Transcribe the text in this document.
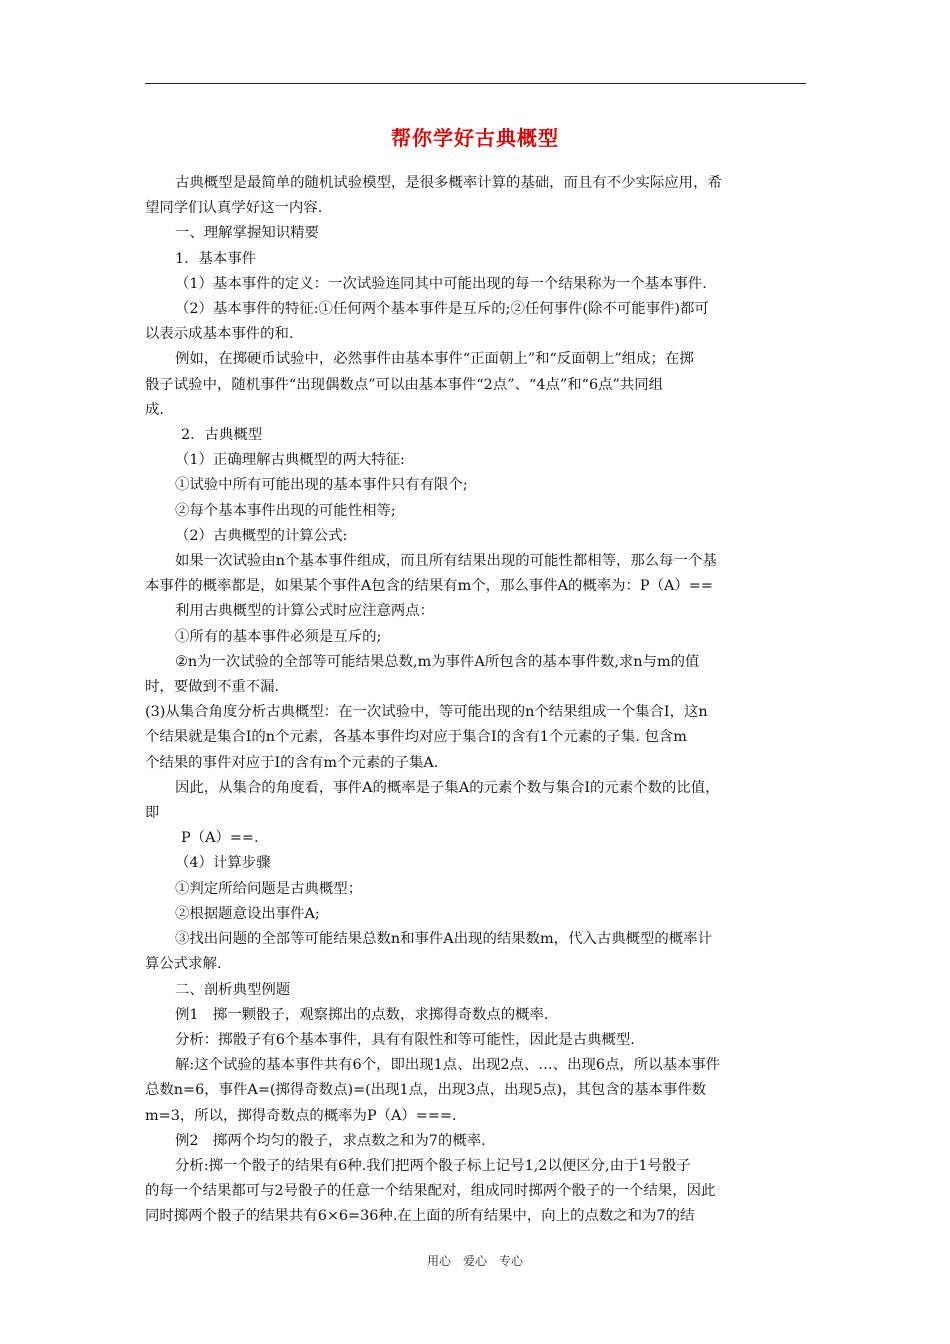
帮你学好古典概型

古典概型是最简单的随机试验模型，是很多概率计算的基础，而且有不少实际应用，希

望同学们认真学好这一内容.

一、理解掌握知识精要

1．基本事件

（1）基本事件的定义：一次试验连同其中可能出现的每一个结果称为一个基本事件.

（2）基本事件的特征:①任何两个基本事件是互斥的;②任何事件(除不可能事件)都可

以表示成基本事件的和.

例如，在掷硬币试验中，必然事件由基本事件“正面朝上”和“反面朝上”组成；在掷

骰子试验中，随机事件“出现偶数点”可以由基本事件“2点”、“4点”和“6点”共同组

成.

2．古典概型

（1）正确理解古典概型的两大特征:

①试验中所有可能出现的基本事件只有有限个;

②每个基本事件出现的可能性相等;

（2）古典概型的计算公式:

如果一次试验由n个基本事件组成，而且所有结果出现的可能性都相等，那么每一个基

本事件的概率都是，如果某个事件A包含的结果有m个，那么事件A的概率为：P（A）==

利用古典概型的计算公式时应注意两点：

①所有的基本事件必须是互斥的;

②n为一次试验的全部等可能结果总数,m为事件A所包含的基本事件数,求n与m的值

时，要做到不重不漏.

(3)从集合角度分析古典概型：在一次试验中，等可能出现的n个结果组成一个集合Ⅰ，这n

个结果就是集合Ⅰ的n个元素，各基本事件均对应于集合Ⅰ的含有1个元素的子集. 包含m

个结果的事件对应于Ⅰ的含有m个元素的子集A.

因此，从集合的角度看，事件A的概率是子集A的元素个数与集合Ⅰ的元素个数的比值，

即

P（A）==.

（4）计算步骤

①判定所给问题是古典概型；

②根据题意设出事件A;

③找出问题的全部等可能结果总数n和事件A出现的结果数m，代入古典概型的概率计

算公式求解.

二、剖析典型例题

例1　掷一颗骰子，观察掷出的点数，求掷得奇数点的概率.

分析：掷骰子有6个基本事件，具有有限性和等可能性，因此是古典概型.

解:这个试验的基本事件共有6个，即出现1点、出现2点、…、出现6点，所以基本事件

总数n=6，事件A=(掷得奇数点)=(出现1点，出现3点，出现5点)，其包含的基本事件数

m=3，所以，掷得奇数点的概率为P（A）===.

例2　掷两个均匀的骰子，求点数之和为7的概率.

分析:掷一个骰子的结果有6种.我们把两个骰子标上记号1,2以便区分,由于1号骰子

的每一个结果都可与2号骰子的任意一个结果配对，组成同时掷两个骰子的一个结果，因此

同时掷两个骰子的结果共有6×6=36种.在上面的所有结果中，向上的点数之和为7的结

用心　爱心　专心
